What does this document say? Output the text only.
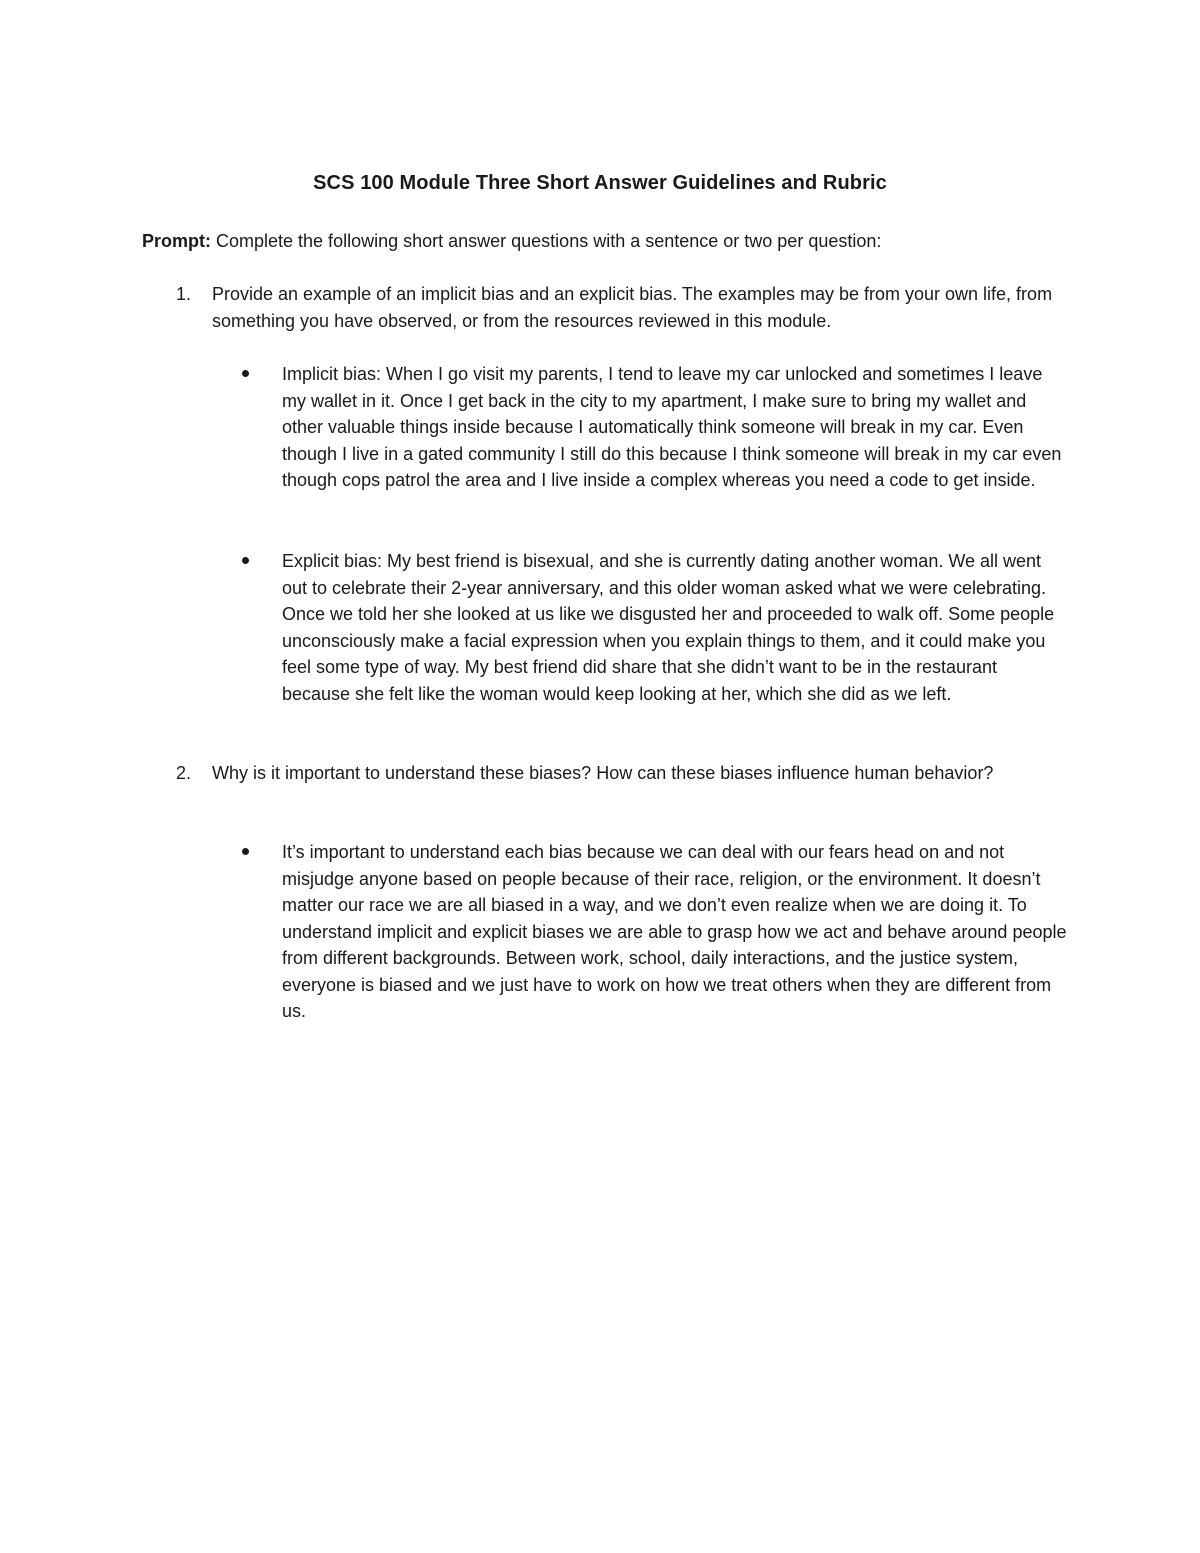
SCS 100 Module Three Short Answer Guidelines and Rubric
Prompt: Complete the following short answer questions with a sentence or two per question:
1. Provide an example of an implicit bias and an explicit bias. The examples may be from your own life, from something you have observed, or from the resources reviewed in this module.
Implicit bias: When I go visit my parents, I tend to leave my car unlocked and sometimes I leave my wallet in it. Once I get back in the city to my apartment, I make sure to bring my wallet and other valuable things inside because I automatically think someone will break in my car. Even though I live in a gated community I still do this because I think someone will break in my car even though cops patrol the area and I live inside a complex whereas you need a code to get inside.
Explicit bias: My best friend is bisexual, and she is currently dating another woman. We all went out to celebrate their 2-year anniversary, and this older woman asked what we were celebrating. Once we told her she looked at us like we disgusted her and proceeded to walk off. Some people unconsciously make a facial expression when you explain things to them, and it could make you feel some type of way. My best friend did share that she didn’t want to be in the restaurant because she felt like the woman would keep looking at her, which she did as we left.
2. Why is it important to understand these biases? How can these biases influence human behavior?
It’s important to understand each bias because we can deal with our fears head on and not misjudge anyone based on people because of their race, religion, or the environment. It doesn’t matter our race we are all biased in a way, and we don’t even realize when we are doing it. To understand implicit and explicit biases we are able to grasp how we act and behave around people from different backgrounds. Between work, school, daily interactions, and the justice system, everyone is biased and we just have to work on how we treat others when they are different from us.
